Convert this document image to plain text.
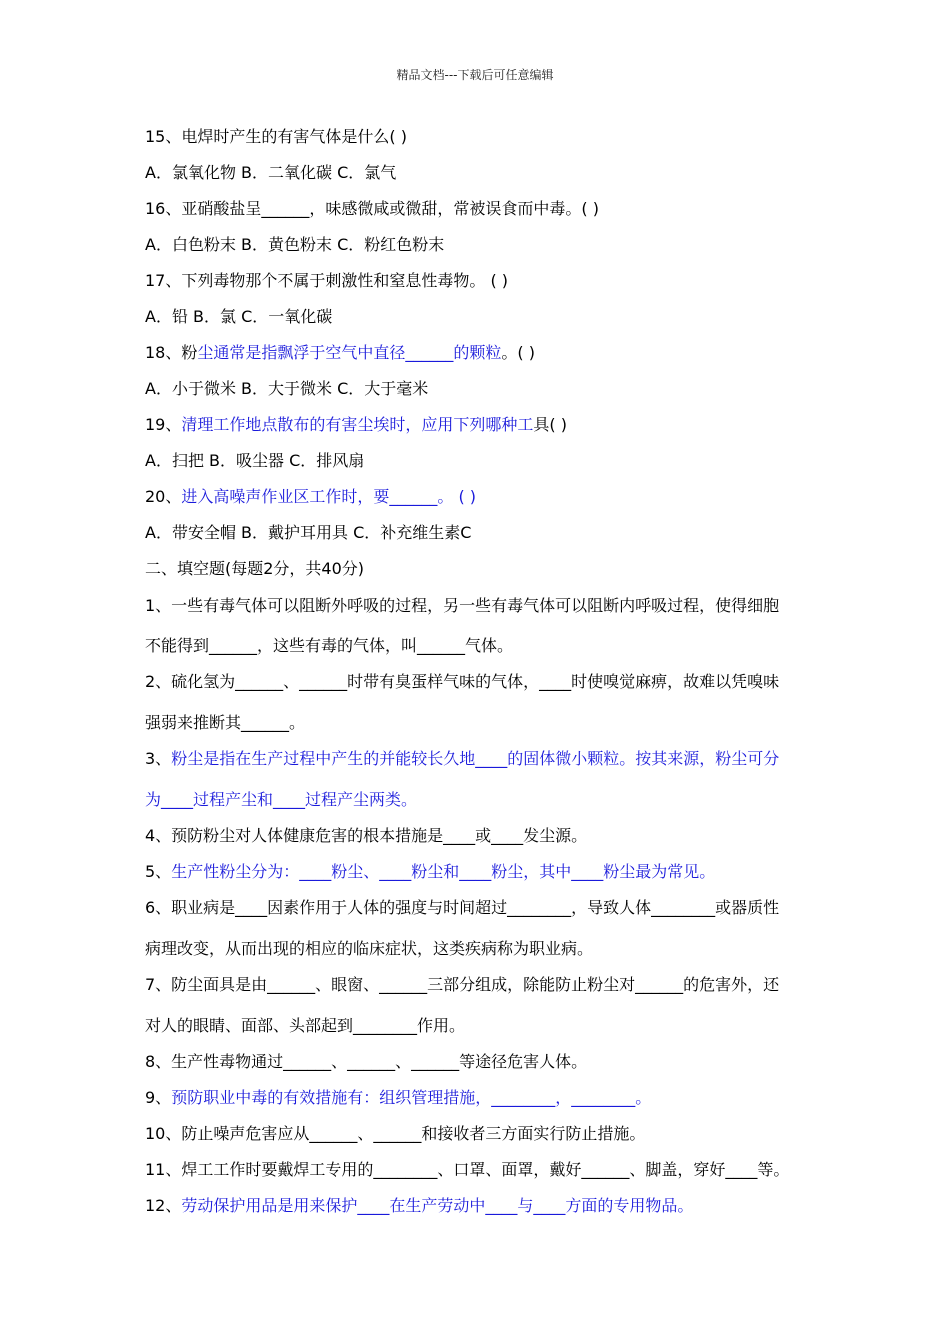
精品文档---下载后可任意编辑
15、电焊时产生的有害气体是什么( )
A．氯氧化物 B．二氧化碳 C．氯气
16、亚硝酸盐呈______，味感微咸或微甜，常被误食而中毒。( )
A．白色粉末 B．黄色粉末 C．粉红色粉末
17、下列毒物那个不属于刺激性和窒息性毒物。 ( )
A．铅 B．氯 C．一氧化碳
18、粉尘通常是指飘浮于空气中直径______的颗粒。( )
A．小于微米 B．大于微米 C．大于毫米
19、清理工作地点散布的有害尘埃时，应用下列哪种工具( )
A．扫把 B．吸尘器 C．排风扇
20、进入高噪声作业区工作时，要______。 ( )
A．带安全帽 B．戴护耳用具 C．补充维生素C
二、填空题(每题2分，共40分)
1、一些有毒气体可以阻断外呼吸的过程，另一些有毒气体可以阻断内呼吸过程，使得细胞
不能得到______，这些有毒的气体，叫______气体。
2、硫化氢为______、______时带有臭蛋样气味的气体，____时使嗅觉麻痹，故难以凭嗅味
强弱来推断其______。
3、粉尘是指在生产过程中产生的并能较长久地____的固体微小颗粒。按其来源，粉尘可分
为____过程产尘和____过程产尘两类。
4、预防粉尘对人体健康危害的根本措施是____或____发尘源。
5、生产性粉尘分为：____粉尘、____粉尘和____粉尘，其中____粉尘最为常见。
6、职业病是____因素作用于人体的强度与时间超过________，导致人体________或器质性
病理改变，从而出现的相应的临床症状，这类疾病称为职业病。
7、防尘面具是由______、眼窗、______三部分组成，除能防止粉尘对______的危害外，还
对人的眼睛、面部、头部起到________作用。
8、生产性毒物通过______、______、______等途径危害人体。
9、预防职业中毒的有效措施有：组织管理措施，________，________。
10、防止噪声危害应从______、______和接收者三方面实行防止措施。
11、焊工工作时要戴焊工专用的________、口罩、面罩，戴好______、脚盖，穿好____等。
12、劳动保护用品是用来保护____在生产劳动中____与____方面的专用物品。
